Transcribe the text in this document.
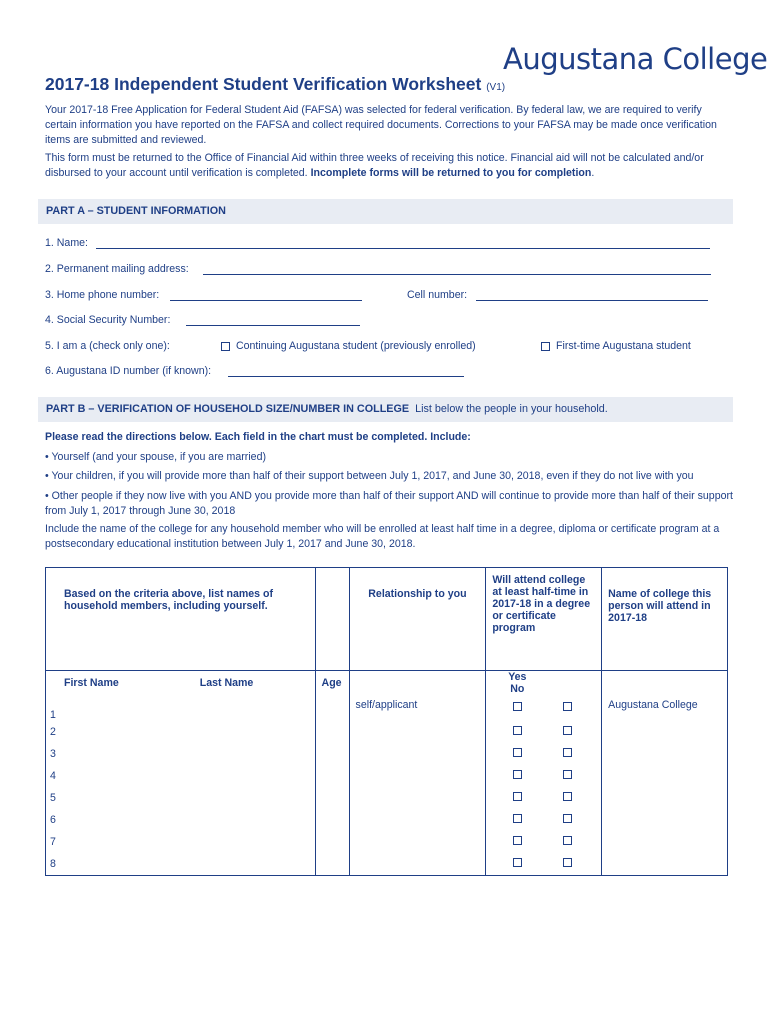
Augustana College
2017-18 Independent Student Verification Worksheet (V1)
Your 2017-18 Free Application for Federal Student Aid (FAFSA) was selected for federal verification. By federal law, we are required to verify certain information you have reported on the FAFSA and collect required documents. Corrections to your FAFSA may be made once verification items are submitted and reviewed.
This form must be returned to the Office of Financial Aid within three weeks of receiving this notice. Financial aid will not be calculated and/or disbursed to your account until verification is completed. Incomplete forms will be returned to you for completion.
PART A – STUDENT INFORMATION
1. Name:
2. Permanent mailing address:
3. Home phone number:	Cell number:
4. Social Security Number:
5. I am a (check only one):	Continuing Augustana student (previously enrolled)	First-time Augustana student
6. Augustana ID number (if known):
PART B – VERIFICATION OF HOUSEHOLD SIZE/NUMBER IN COLLEGE List below the people in your household.
Please read the directions below. Each field in the chart must be completed. Include:
• Yourself (and your spouse, if you are married)
• Your children, if you will provide more than half of their support between July 1, 2017, and June 30, 2018, even if they do not live with you
• Other people if they now live with you AND you provide more than half of their support AND will continue to provide more than half of their support from July 1, 2017 through June 30, 2018
Include the name of the college for any household member who will be enrolled at least half time in a degree, diploma or certificate program at a postsecondary educational institution between July 1, 2017 and June 30, 2018.
Based on the criteria above, list names of household members, including yourself.		Relationship to you	Will attend college at least half-time in 2017-18 in a degree or certificate program	Name of college this person will attend in 2017-18
First Name Last Name	Age		Yes No	
1		self/applicant		Augustana College
2				
3				
4				
5				
6				
7				
8				
